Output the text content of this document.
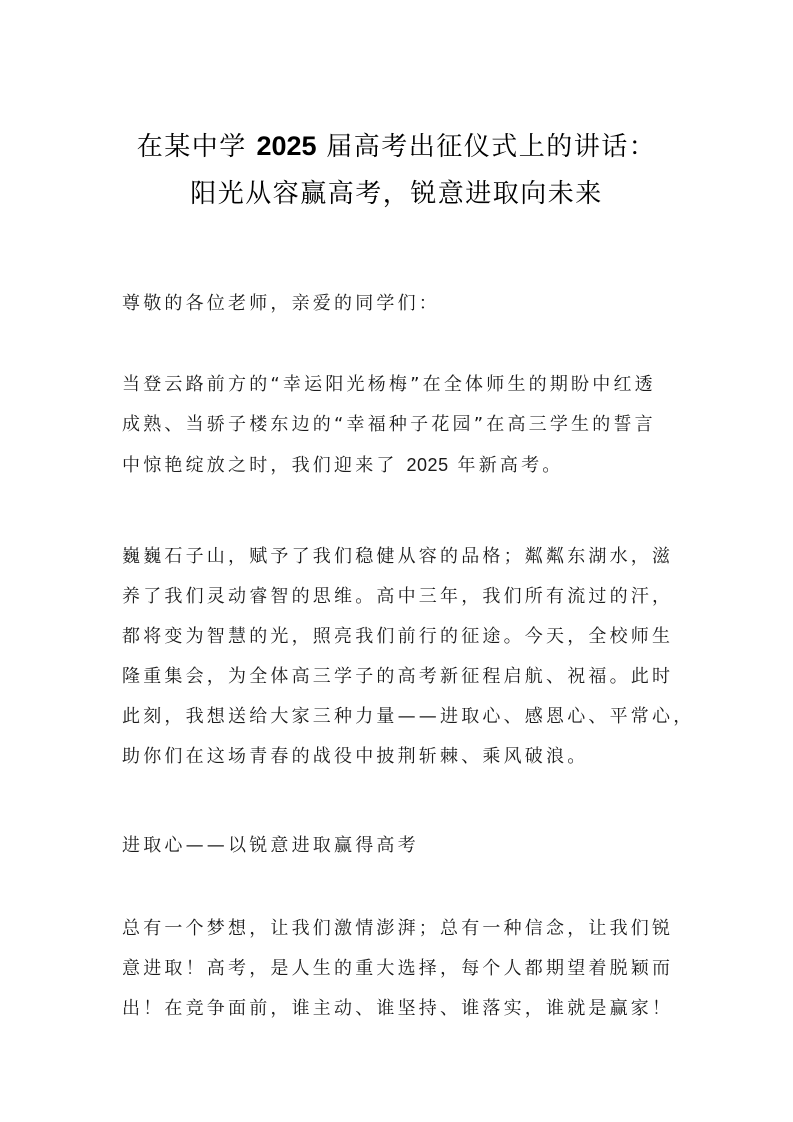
在某中学 2025 届高考出征仪式上的讲话：
阳光从容赢高考，锐意进取向未来
尊敬的各位老师，亲爱的同学们：
当登云路前方的“幸运阳光杨梅”在全体师生的期盼中红透
成熟、当骄子楼东边的“幸福种子花园”在高三学生的誓言
中惊艳绽放之时，我们迎来了 2025 年新高考。
巍巍石子山，赋予了我们稳健从容的品格；粼粼东湖水，滋
养了我们灵动睿智的思维。高中三年，我们所有流过的汗，
都将变为智慧的光，照亮我们前行的征途。今天，全校师生
隆重集会，为全体高三学子的高考新征程启航、祝福。此时
此刻，我想送给大家三种力量——进取心、感恩心、平常心，
助你们在这场青春的战役中披荆斩棘、乘风破浪。
进取心——以锐意进取赢得高考
总有一个梦想，让我们激情澎湃；总有一种信念，让我们锐
意进取！高考，是人生的重大选择，每个人都期望着脱颖而
出！在竞争面前，谁主动、谁坚持、谁落实，谁就是赢家！
